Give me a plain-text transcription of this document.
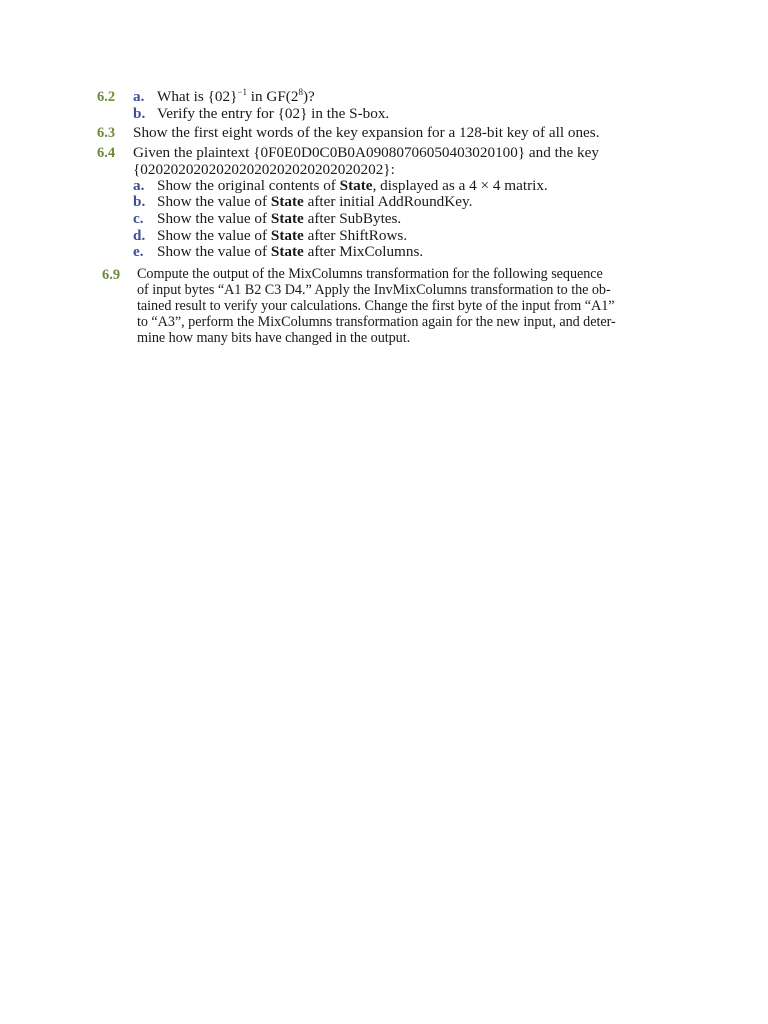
6.2 a. What is $\{02\}^{-1}$ in $GF(2^8)$?
b. Verify the entry for {02} in the S-box.
6.3 Show the first eight words of the key expansion for a 128-bit key of all ones.
6.4 Given the plaintext {0F0E0D0C0B0A09080706050403020100} and the key
{02020202020202020202020202020202}:
a. Show the original contents of State, displayed as a 4 × 4 matrix.
b. Show the value of State after initial AddRoundKey.
c. Show the value of State after SubBytes.
d. Show the value of State after ShiftRows.
e. Show the value of State after MixColumns.
6.9 Compute the output of the MixColumns transformation for the following sequence
of input bytes “A1 B2 C3 D4.” Apply the InvMixColumns transformation to the ob-
tained result to verify your calculations. Change the first byte of the input from “A1”
to “A3”, perform the MixColumns transformation again for the new input, and deter-
mine how many bits have changed in the output.
